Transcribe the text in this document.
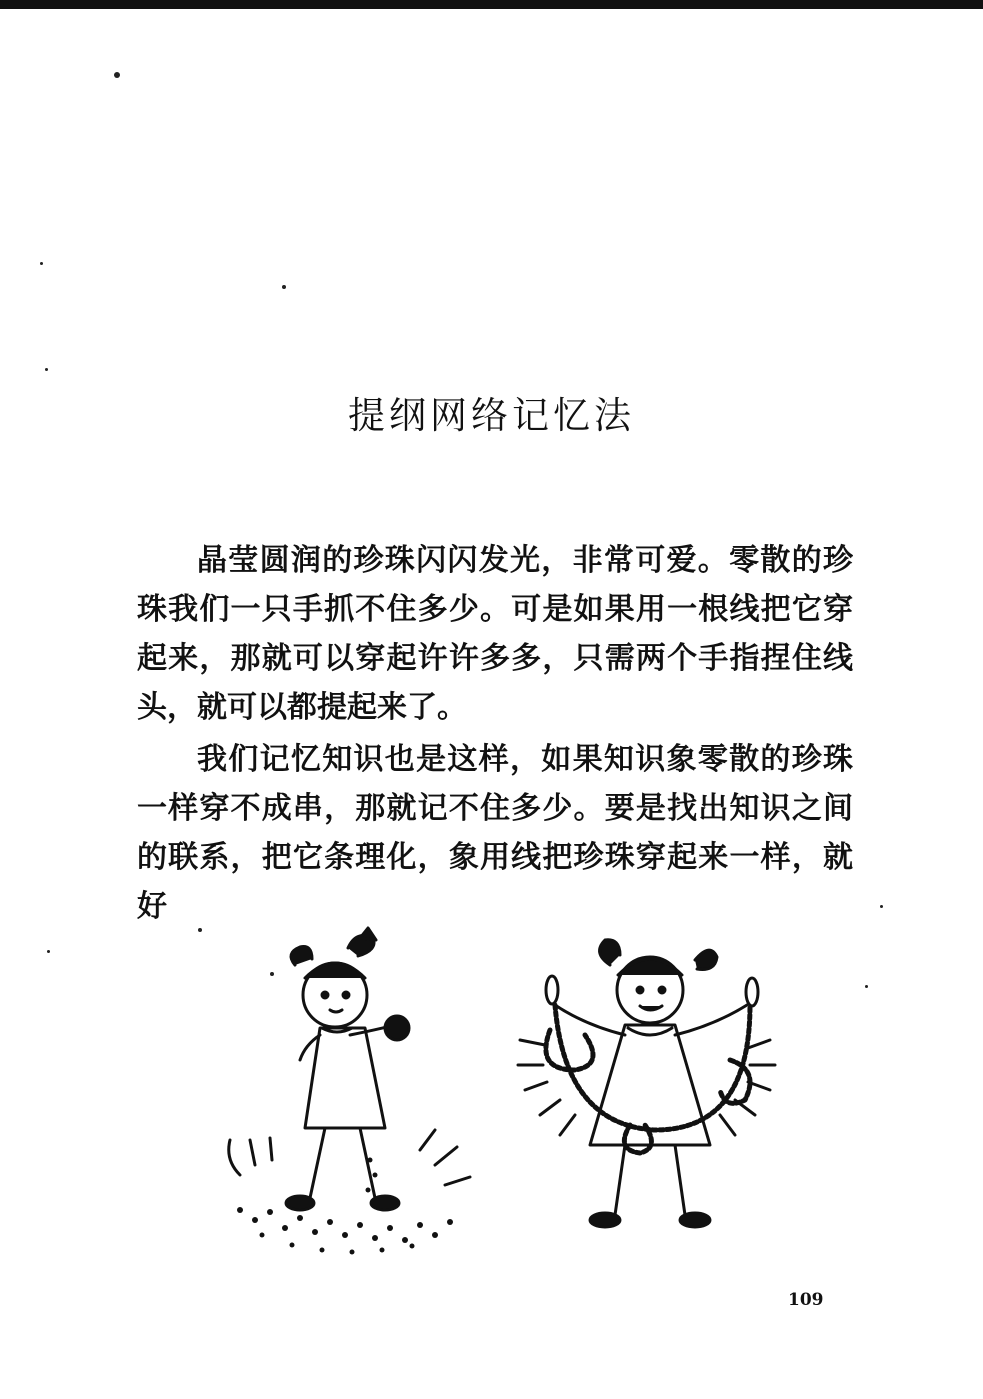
提纲网络记忆法

晶莹圆润的珍珠闪闪发光，非常可爱。零散的珍珠我们一只手抓不住多少。可是如果用一根线把它穿起来，那就可以穿起许许多多，只需两个手指捏住线头，就可以都提起来了。

我们记忆知识也是这样，如果知识象零散的珍珠一样穿不成串，那就记不住多少。要是找出知识之间的联系，把它条理化，象用线把珍珠穿起来一样，就好

109
